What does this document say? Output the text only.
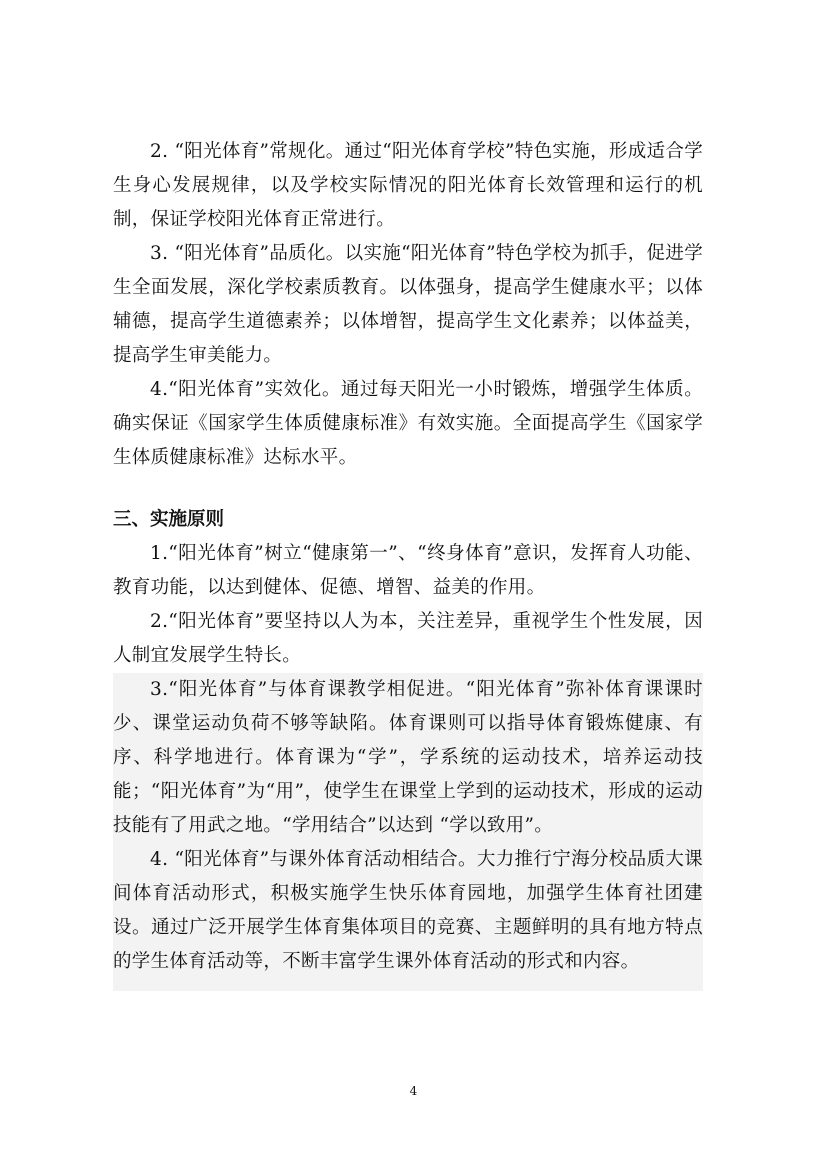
2. “阳光体育”常规化。通过“阳光体育学校”特色实施，形成适合学生身心发展规律，以及学校实际情况的阳光体育长效管理和运行的机制，保证学校阳光体育正常进行。

3. “阳光体育”品质化。以实施“阳光体育”特色学校为抓手，促进学生全面发展，深化学校素质教育。以体强身，提高学生健康水平；以体辅德，提高学生道德素养；以体增智，提高学生文化素养；以体益美，提高学生审美能力。

4.“阳光体育”实效化。通过每天阳光一小时锻炼，增强学生体质。确实保证《国家学生体质健康标准》有效实施。全面提高学生《国家学生体质健康标准》达标水平。

三、实施原则

1.“阳光体育”树立“健康第一”、“终身体育”意识，发挥育人功能、教育功能，以达到健体、促德、增智、益美的作用。

2.“阳光体育”要坚持以人为本，关注差异，重视学生个性发展，因人制宜发展学生特长。

3.“阳光体育”与体育课教学相促进。“阳光体育”弥补体育课课时少、课堂运动负荷不够等缺陷。体育课则可以指导体育锻炼健康、有序、科学地进行。体育课为“学”，学系统的运动技术，培养运动技能；“阳光体育”为“用”，使学生在课堂上学到的运动技术，形成的运动技能有了用武之地。“学用结合”以达到 “学以致用”。

4. “阳光体育”与课外体育活动相结合。大力推行宁海分校品质大课间体育活动形式，积极实施学生快乐体育园地，加强学生体育社团建设。通过广泛开展学生体育集体项目的竞赛、主题鲜明的具有地方特点的学生体育活动等，不断丰富学生课外体育活动的形式和内容。

4
